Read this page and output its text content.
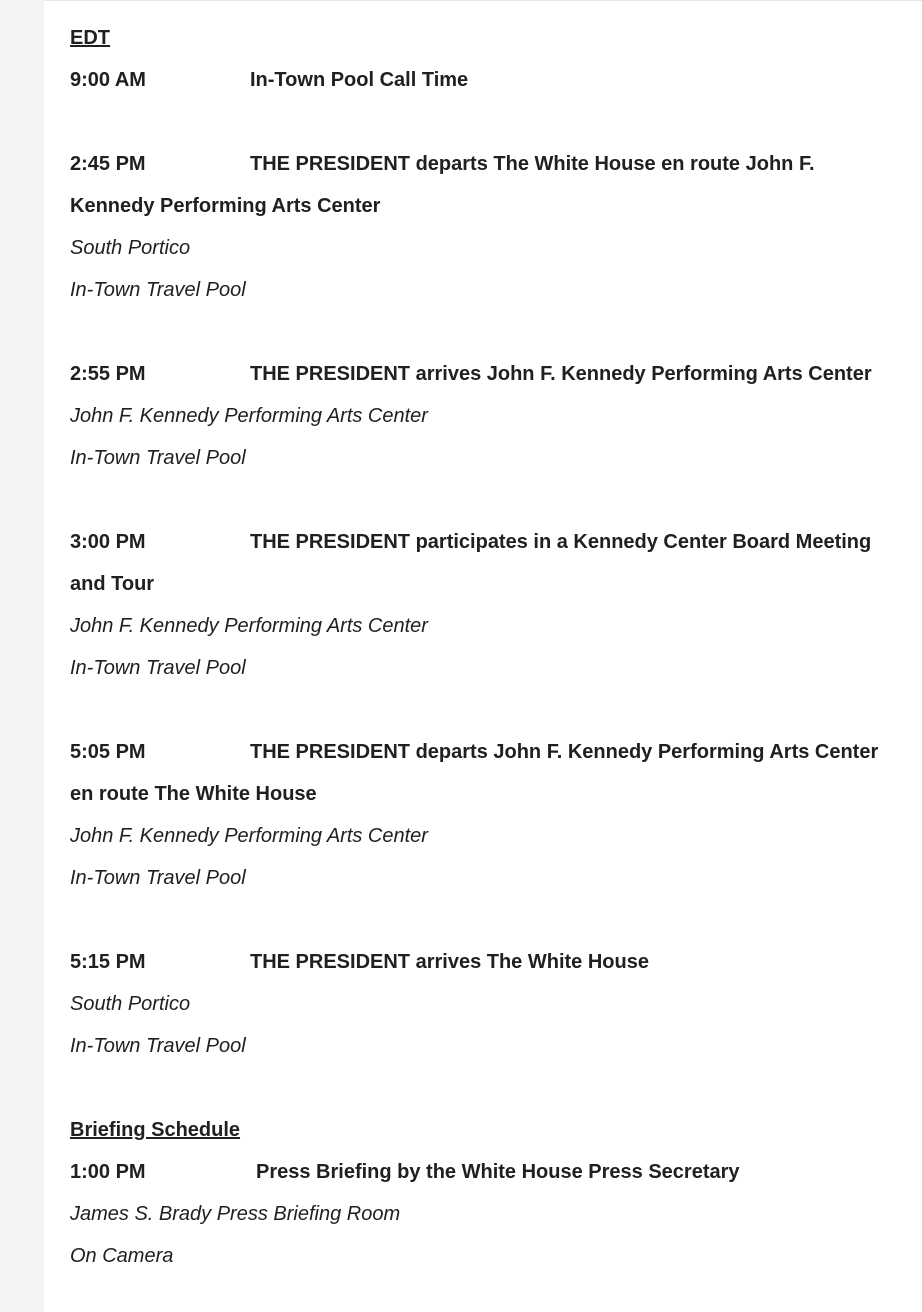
EDT
9:00 AM	In-Town Pool Call Time
2:45 PM	THE PRESIDENT departs The White House en route John F.
Kennedy Performing Arts Center
South Portico
In-Town Travel Pool
2:55 PM	THE PRESIDENT arrives John F. Kennedy Performing Arts Center
John F. Kennedy Performing Arts Center
In-Town Travel Pool
3:00 PM	THE PRESIDENT participates in a Kennedy Center Board Meeting
and Tour
John F. Kennedy Performing Arts Center
In-Town Travel Pool
5:05 PM	THE PRESIDENT departs John F. Kennedy Performing Arts Center
en route The White House
John F. Kennedy Performing Arts Center
In-Town Travel Pool
5:15 PM	THE PRESIDENT arrives The White House
South Portico
In-Town Travel Pool
Briefing Schedule
1:00 PM	Press Briefing by the White House Press Secretary
James S. Brady Press Briefing Room
On Camera
